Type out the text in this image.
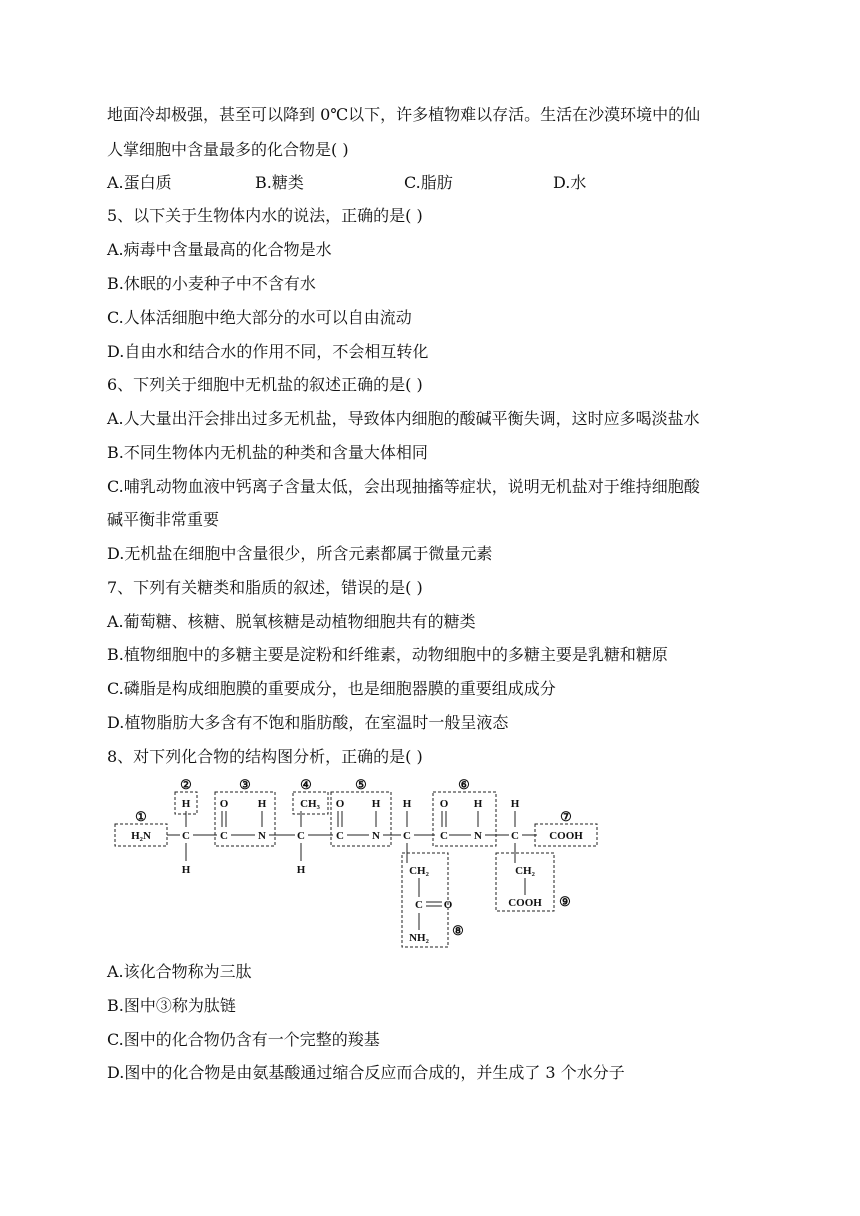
地面冷却极强，甚至可以降到 0℃以下，许多植物难以存活。生活在沙漠环境中的仙
人掌细胞中含量最多的化合物是( )
A.蛋白质	B.糖类	C.脂肪	D.水
5、以下关于生物体内水的说法，正确的是( )
A.病毒中含量最高的化合物是水
B.休眠的小麦种子中不含有水
C.人体活细胞中绝大部分的水可以自由流动
D.自由水和结合水的作用不同，不会相互转化
6、下列关于细胞中无机盐的叙述正确的是( )
A.人大量出汗会排出过多无机盐，导致体内细胞的酸碱平衡失调，这时应多喝淡盐水
B.不同生物体内无机盐的种类和含量大体相同
C.哺乳动物血液中钙离子含量太低，会出现抽搐等症状，说明无机盐对于维持细胞酸
碱平衡非常重要
D.无机盐在细胞中含量很少，所含元素都属于微量元素
7、下列有关糖类和脂质的叙述，错误的是( )
A.葡萄糖、核糖、脱氧核糖是动植物细胞共有的糖类
B.植物细胞中的多糖主要是淀粉和纤维素，动物细胞中的多糖主要是乳糖和糖原
C.磷脂是构成细胞膜的重要成分，也是细胞器膜的重要组成成分
D.植物脂肪大多含有不饱和脂肪酸，在室温时一般呈液态
8、对下列化合物的结构图分析，正确的是( )
①
②	③	④	⑤	⑥
⑦
⑧
⑨
H₂N
H
C
H
O	H
C	N
CH₃
C
H
O H
C	N
H
C
O H
C N
H
C	COOH
CH₂
C O
NH₂
CH₂
COOH
A.该化合物称为三肽
B.图中③称为肽链
C.图中的化合物仍含有一个完整的羧基
D.图中的化合物是由氨基酸通过缩合反应而合成的，并生成了 3 个水分子
